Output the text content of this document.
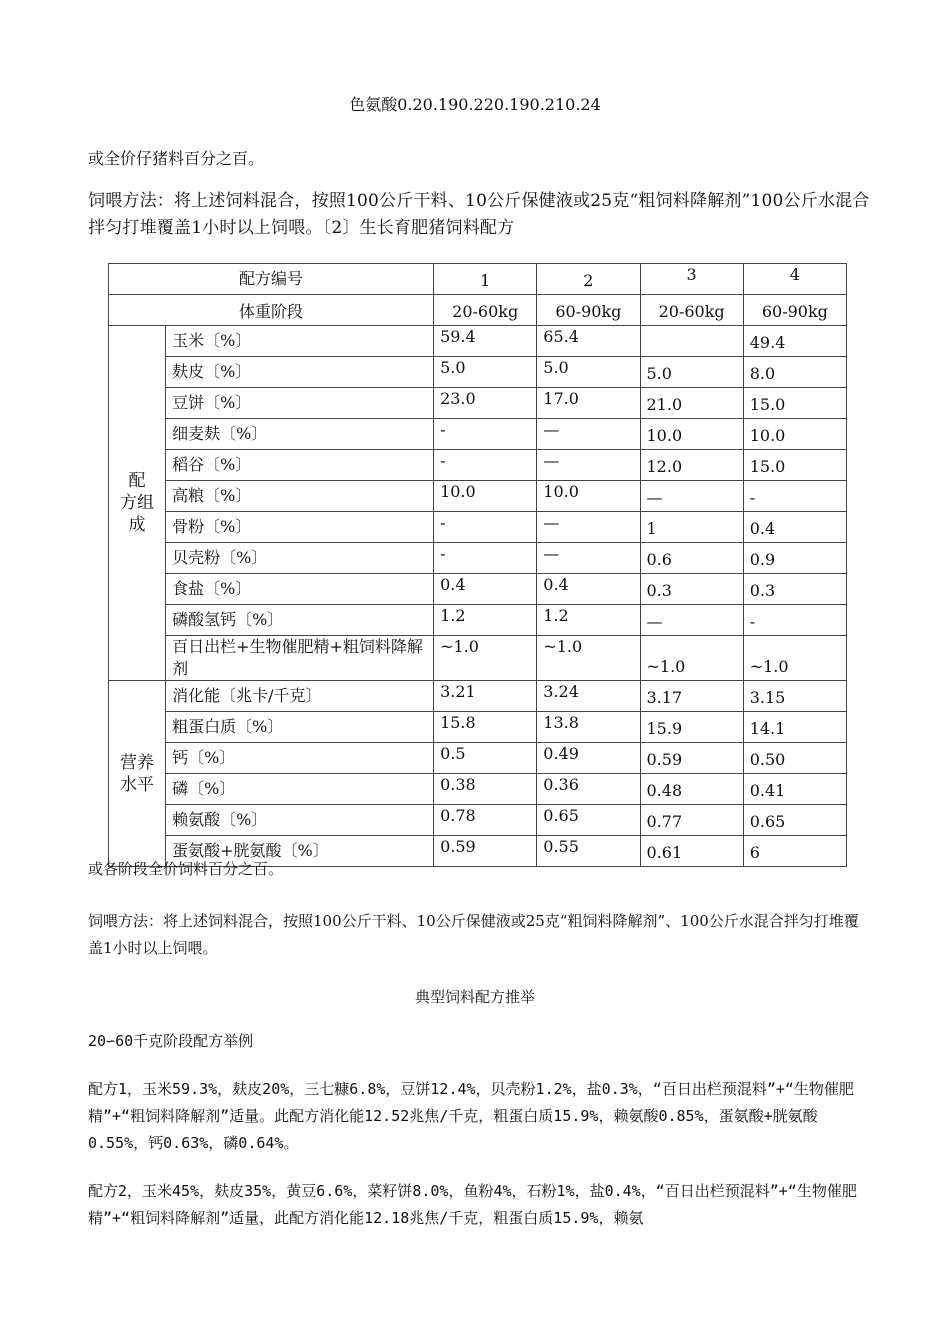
色氨酸0.20.190.220.190.210.24

或全价仔猪料百分之百。

饲喂方法：将上述饲料混合，按照100公斤干料、10公斤保健液或25克“粗饲料降解剂”100公斤水混合拌匀打堆覆盖1小时以上饲喂。〔2〕生长育肥猪饲料配方

配方编号		1	2	3	4
体重阶段		20-60kg	60-90kg	20-60kg	60-90kg

配
方组
成	玉米〔%〕	59.4	65.4		49.4
	麸皮〔%〕	5.0	5.0	5.0	8.0
	豆饼〔%〕	23.0	17.0	21.0	15.0
	细麦麸〔%〕	-	—	10.0	10.0
	稻谷〔%〕	-	—	12.0	15.0
	高粮〔%〕	10.0	10.0	—	-
	骨粉〔%〕	-	—	1	0.4
	贝壳粉〔%〕	-	—	0.6	0.9
	食盐〔%〕	0.4	0.4	0.3	0.3
	磷酸氢钙〔%〕	1.2	1.2	—	-
	百日出栏+生物催肥精+粗饲料降解剂	~1.0	~1.0	~1.0	~1.0

营养
水平	消化能〔兆卡/千克〕	3.21	3.24	3.17	3.15
	粗蛋白质〔%〕	15.8	13.8	15.9	14.1
	钙〔%〕	0.5	0.49	0.59	0.50
	磷〔%〕	0.38	0.36	0.48	0.41
	赖氨酸〔%〕	0.78	0.65	0.77	0.65
	蛋氨酸+胱氨酸〔%〕	0.59	0.55	0.61	6

或各阶段全价饲料百分之百。

饲喂方法：将上述饲料混合，按照100公斤干料、10公斤保健液或25克“粗饲料降解剂”、100公斤水混合拌匀打堆覆盖1小时以上饲喂。

典型饲料配方推举

20∽60千克阶段配方举例

配方1，玉米59.3%，麸皮20%，三七糠6.8%，豆饼12.4%，贝壳粉1.2%，盐0.3%，“百日出栏预混料”+“生物催肥精”+“粗饲料降解剂”适量。此配方消化能12.52兆焦/千克，粗蛋白质15.9%，赖氨酸0.85%，蛋氨酸+胱氨酸0.55%，钙0.63%，磷0.64%。

配方2，玉米45%，麸皮35%，黄豆6.6%，菜籽饼8.0%，鱼粉4%，石粉1%，盐0.4%，“百日出栏预混料”+“生物催肥精”+“粗饲料降解剂”适量，此配方消化能12.18兆焦/千克，粗蛋白质15.9%，赖氨
